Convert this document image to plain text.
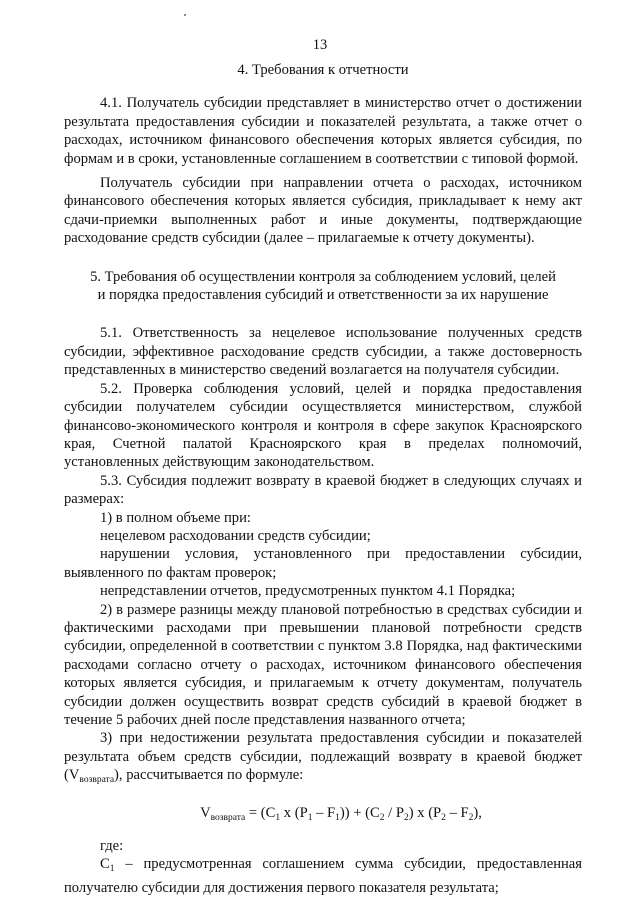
13

4. Требования к отчетности

4.1. Получатель субсидии представляет в министерство отчет о достижении результата предоставления субсидии и показателей результата, а также отчет о расходах, источником финансового обеспечения которых является субсидия, по формам и в сроки, установленные соглашением в соответствии с типовой формой.

Получатель субсидии при направлении отчета о расходах, источником финансового обеспечения которых является субсидия, прикладывает к нему акт сдачи-приемки выполненных работ и иные документы, подтверждающие расходование средств субсидии (далее – прилагаемые к отчету документы).

5. Требования об осуществлении контроля за соблюдением условий, целей

и порядка предоставления субсидий и ответственности за их нарушение

5.1. Ответственность за нецелевое использование полученных средств субсидии, эффективное расходование средств субсидии, а также достоверность представленных в министерство сведений возлагается на получателя субсидии.

5.2. Проверка соблюдения условий, целей и порядка предоставления субсидии получателем субсидии осуществляется министерством, службой финансово-экономического контроля и контроля в сфере закупок Красноярского края, Счетной палатой Красноярского края в пределах полномочий, установленных действующим законодательством.

5.3. Субсидия подлежит возврату в краевой бюджет в следующих случаях и размерах:

1) в полном объеме при:

нецелевом расходовании средств субсидии;

нарушении условия, установленного при предоставлении субсидии, выявленного по фактам проверок;

непредставлении отчетов, предусмотренных пунктом 4.1 Порядка;

2) в размере разницы между плановой потребностью в средствах субсидии и фактическими расходами при превышении плановой потребности средств субсидии, определенной в соответствии с пунктом 3.8 Порядка, над фактическими расходами согласно отчету о расходах, источником финансового обеспечения которых является субсидия, и прилагаемым к отчету документам, получатель субсидии должен осуществить возврат средств субсидий в краевой бюджет в течение 5 рабочих дней после представления названного отчета;

3) при недостижении результата предоставления субсидии и показателей результата объем средств субсидии, подлежащий возврату в краевой бюджет $(V_{возврата})$, рассчитывается по формуле:

$V_{возврата} = (C_1$ x $(P_1 - F_1)) + (C_2 / P_2)$ x $(P_2 - F_2)$,

где:

$C_1$ – предусмотренная соглашением сумма субсидии, предоставленная получателю субсидии для достижения первого показателя результата;
